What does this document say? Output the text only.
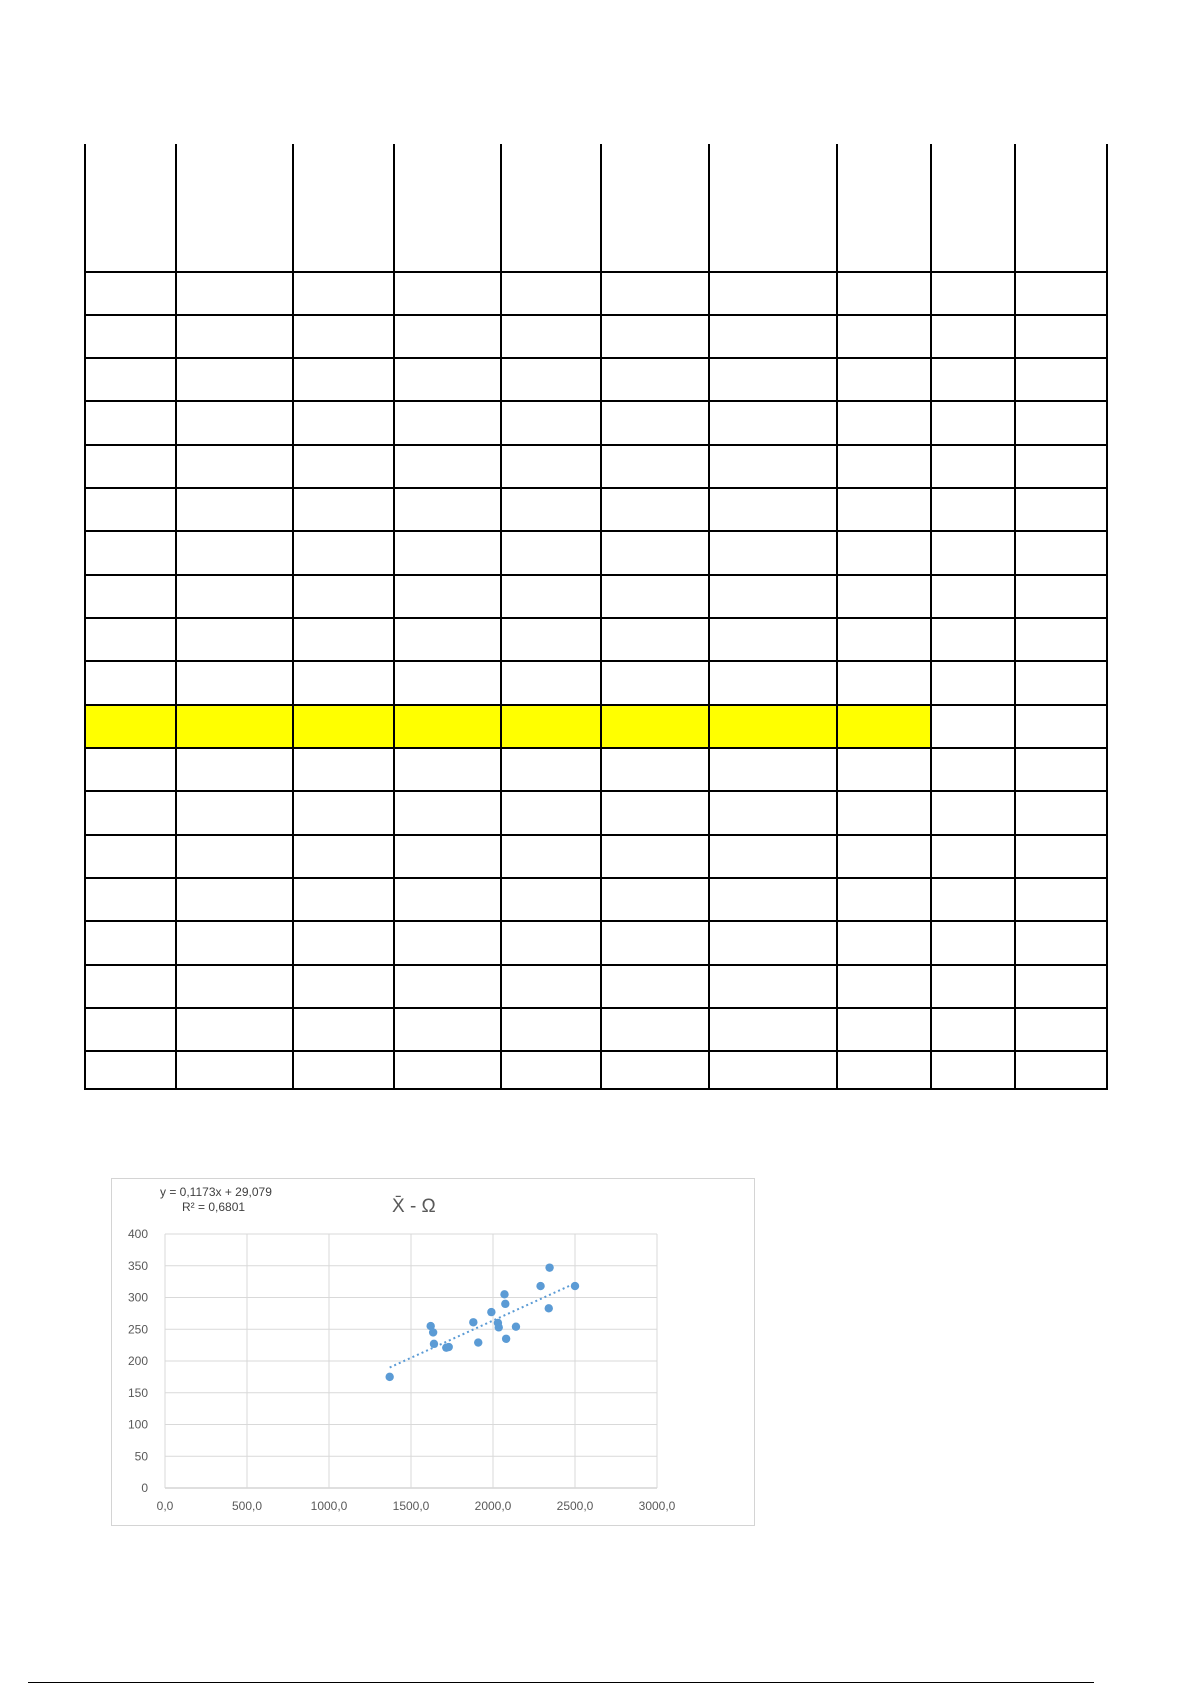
0
50
100
150
200
250
300
350
400
0,0	500,0	1000,0	1500,0	2000,0	2500,0	3000,0
y = 0,1173x + 29,079
R² = 0,6801	X̄ - Ω
